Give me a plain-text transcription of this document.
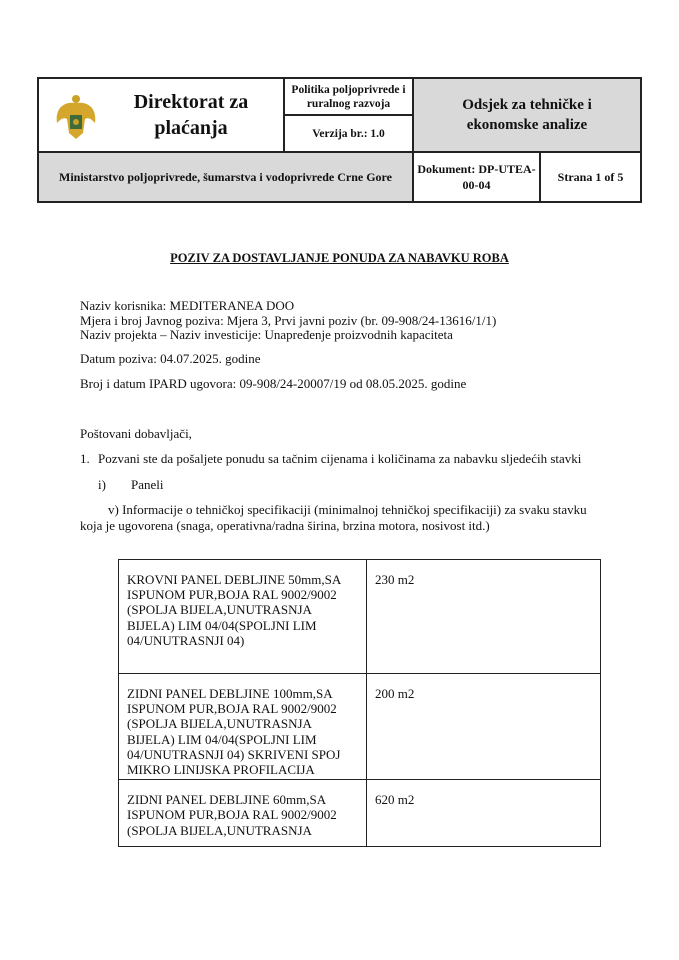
Direktorat za plaćanja
	Politika poljoprivrede i ruralnog razvoja	Odsjek za tehničke i ekonomske analize
Verzija br.: 1.0
Ministarstvo poljoprivrede, šumarstva i vodoprivrede Crne Gore	
Dokument: DP-UTEA-00-04	Strana 1 of 5
POZIV ZA DOSTAVLJANJE PONUDA ZA NABAVKU ROBA
Naziv korisnika: MEDITERANEA DOO
Mjera i broj Javnog poziva: Mjera 3, Prvi javni poziv (br. 09-908/24-13616/1/1)
Naziv projekta – Naziv investicije: Unapređenje proizvodnih kapaciteta
Datum poziva: 04.07.2025. godine
Broj i datum IPARD ugovora: 09-908/24-20007/19 od 08.05.2025. godine
Poštovani dobavljači,
1. Pozvani ste da pošaljete ponudu sa tačnim cijenama i količinama za nabavku sljedećih stavki
i) Paneli
v) Informacije o tehničkoj specifikaciji (minimalnoj tehničkoj specifikaciji) za svaku stavku koja je ugovorena (snaga, operativna/radna širina, brzina motora, nosivost itd.)
KROVNI PANEL DEBLJINE 50mm,SA ISPUNOM PUR,BOJA RAL 9002/9002 (SPOLJA BIJELA,UNUTRASNJA BIJELA) LIM 04/04(SPOLJNI LIM 04/UNUTRASNJI 04)	230 m2
ZIDNI PANEL DEBLJINE 100mm,SA ISPUNOM PUR,BOJA RAL 9002/9002 (SPOLJA BIJELA,UNUTRASNJA BIJELA) LIM 04/04(SPOLJNI LIM 04/UNUTRASNJI 04) SKRIVENI SPOJ MIKRO LINIJSKA PROFILACIJA	200 m2
ZIDNI PANEL DEBLJINE 60mm,SA ISPUNOM PUR,BOJA RAL 9002/9002 (SPOLJA BIJELA,UNUTRASNJA	620 m2
